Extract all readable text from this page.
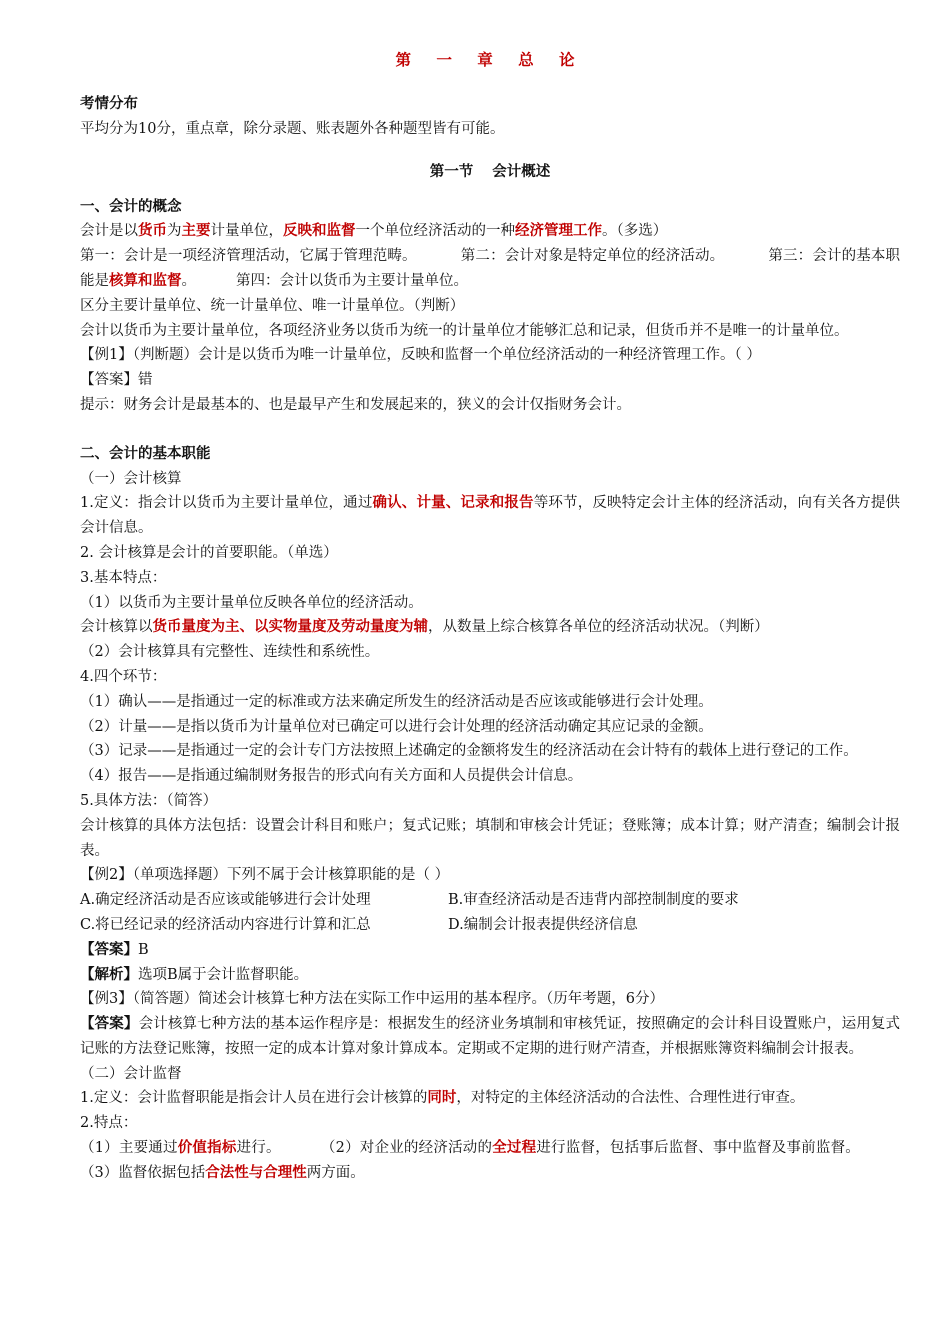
第 一 章 总 论

考情分布

平均分为10分，重点章，除分录题、账表题外各种题型皆有可能。

第一节 会计概述

一、会计的概念

会计是以货币为主要计量单位，反映和监督一个单位经济活动的一种经济管理工作。（多选）

第一：会计是一项经济管理活动，它属于管理范畴。	第二：会计对象是特定单位的经济活动。	第三：会计的基本职能是核算和监督。	第四：会计以货币为主要计量单位。

区分主要计量单位、统一计量单位、唯一计量单位。（判断）

会计以货币为主要计量单位，各项经济业务以货币为统一的计量单位才能够汇总和记录，但货币并不是唯一的计量单位。

【例1】（判断题）会计是以货币为唯一计量单位，反映和监督一个单位经济活动的一种经济管理工作。（ ）

【答案】错

提示：财务会计是最基本的、也是最早产生和发展起来的，狭义的会计仅指财务会计。

二、会计的基本职能

（一）会计核算

1.定义：指会计以货币为主要计量单位，通过确认、计量、记录和报告等环节，反映特定会计主体的经济活动，向有关各方提供会计信息。

2. 会计核算是会计的首要职能。（单选）

3.基本特点：

（1）以货币为主要计量单位反映各单位的经济活动。

会计核算以货币量度为主、以实物量度及劳动量度为辅，从数量上综合核算各单位的经济活动状况。（判断）

（2）会计核算具有完整性、连续性和系统性。

4.四个环节：

（1）确认——是指通过一定的标准或方法来确定所发生的经济活动是否应该或能够进行会计处理。

（2）计量——是指以货币为计量单位对已确定可以进行会计处理的经济活动确定其应记录的金额。

（3）记录——是指通过一定的会计专门方法按照上述确定的金额将发生的经济活动在会计特有的载体上进行登记的工作。

（4）报告——是指通过编制财务报告的形式向有关方面和人员提供会计信息。

5.具体方法：（简答）

会计核算的具体方法包括：设置会计科目和账户；复式记账；填制和审核会计凭证；登账簿；成本计算；财产清查；编制会计报表。

【例2】（单项选择题）下列不属于会计核算职能的是（ ）

A.确定经济活动是否应该或能够进行会计处理	B.审查经济活动是否违背内部控制制度的要求
C.将已经记录的经济活动内容进行计算和汇总	D.编制会计报表提供经济信息

【答案】B

【解析】选项B属于会计监督职能。

【例3】（简答题）简述会计核算七种方法在实际工作中运用的基本程序。（历年考题，6分）

【答案】会计核算七种方法的基本运作程序是：根据发生的经济业务填制和审核凭证，按照确定的会计科目设置账户，运用复式记账的方法登记账簿，按照一定的成本计算对象计算成本。定期或不定期的进行财产清查，并根据账簿资料编制会计报表。

（二）会计监督

1.定义：会计监督职能是指会计人员在进行会计核算的同时，对特定的主体经济活动的合法性、合理性进行审查。

2.特点：

（1）主要通过价值指标进行。	（2）对企业的经济活动的全过程进行监督，包括事后监督、事中监督及事前监督。（3）监督依据包括合法性与合理性两方面。
